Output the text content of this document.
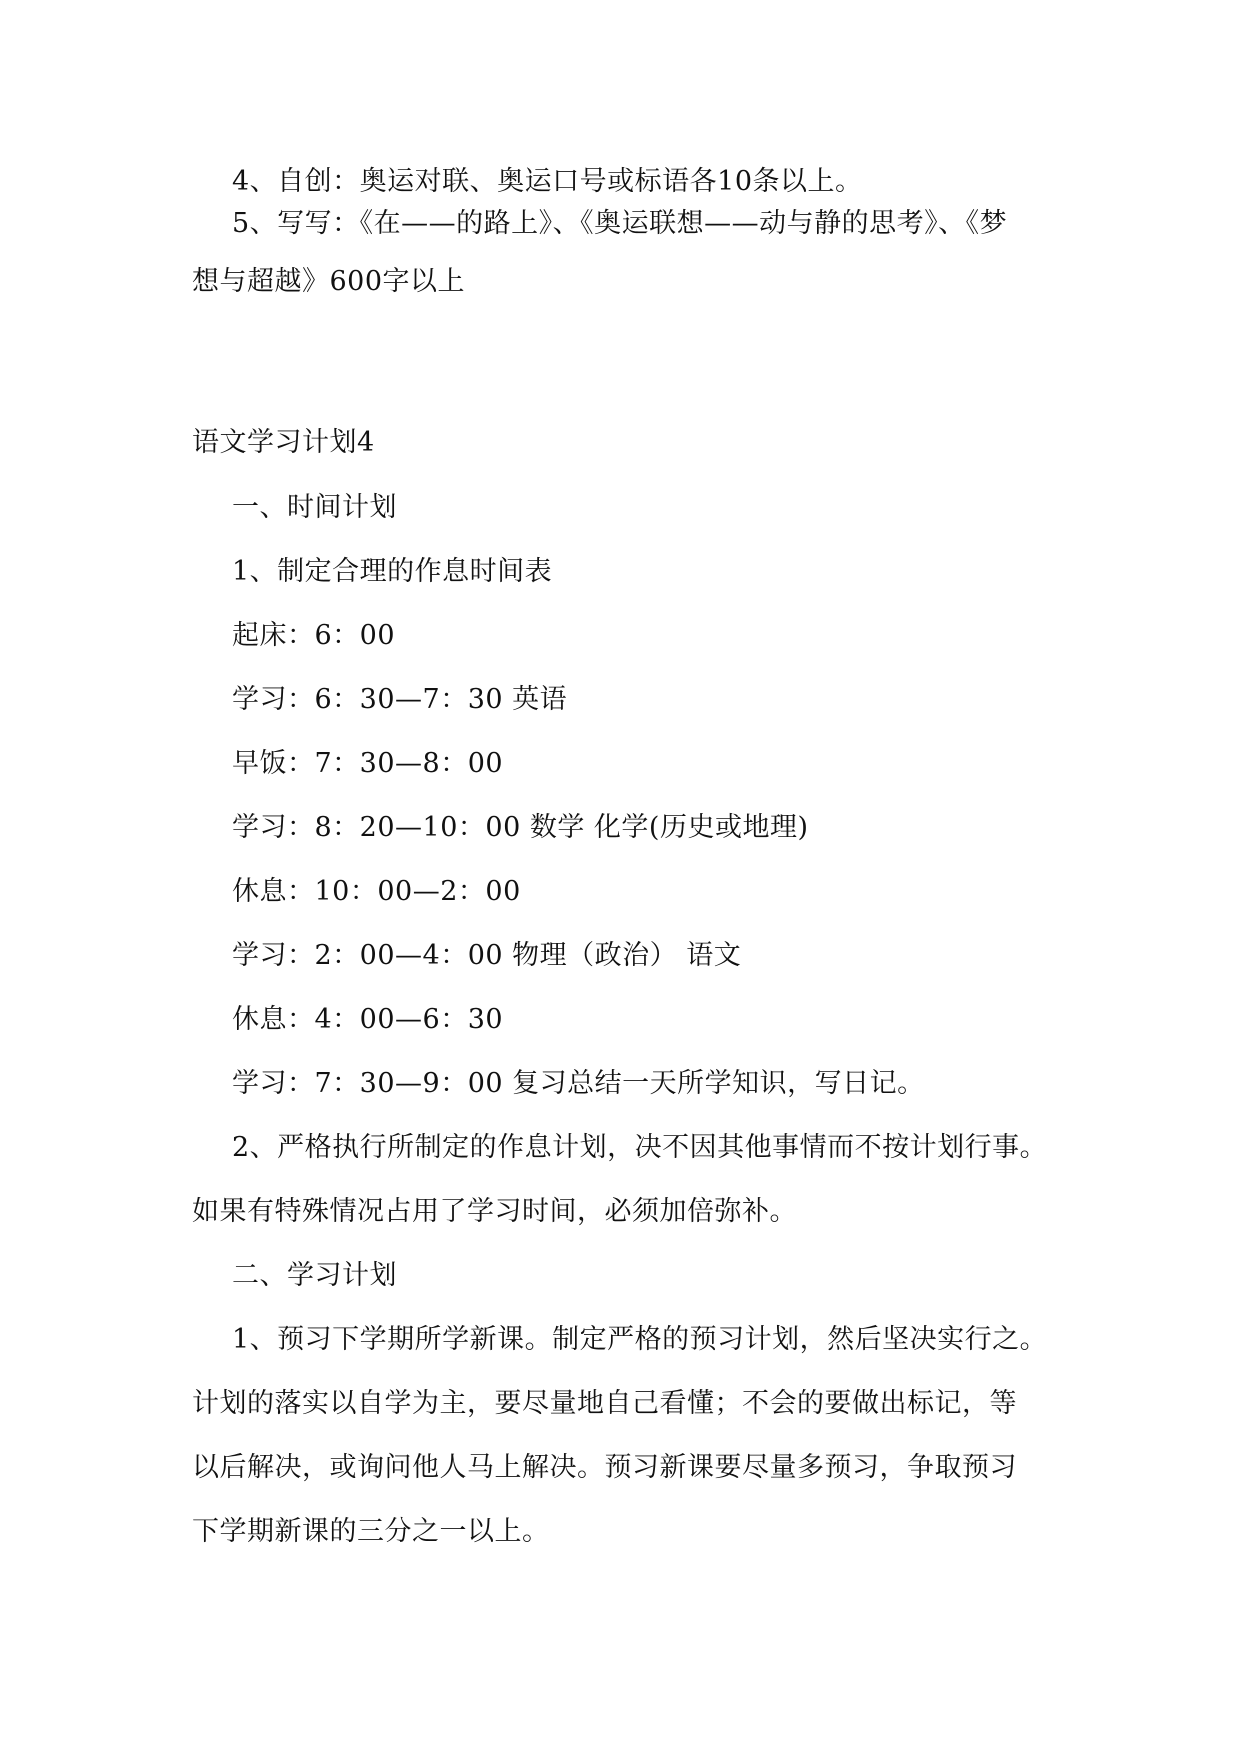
4、自创：奥运对联、奥运口号或标语各10条以上。
5、写写：《在——的路上》、《奥运联想——动与静的思考》、《梦
想与超越》600字以上
语文学习计划4
一、时间计划
1、制定合理的作息时间表
起床：6：00
学习：6：30—7：30 英语
早饭：7：30—8：00
学习：8：20—10：00 数学 化学(历史或地理)
休息：10：00—2：00
学习：2：00—4：00 物理（政治） 语文
休息：4：00—6：30
学习：7：30—9：00 复习总结一天所学知识，写日记。
2、严格执行所制定的作息计划，决不因其他事情而不按计划行事。
如果有特殊情况占用了学习时间，必须加倍弥补。
二、学习计划
1、预习下学期所学新课。制定严格的预习计划，然后坚决实行之。
计划的落实以自学为主，要尽量地自己看懂；不会的要做出标记，等
以后解决，或询问他人马上解决。预习新课要尽量多预习，争取预习
下学期新课的三分之一以上。
